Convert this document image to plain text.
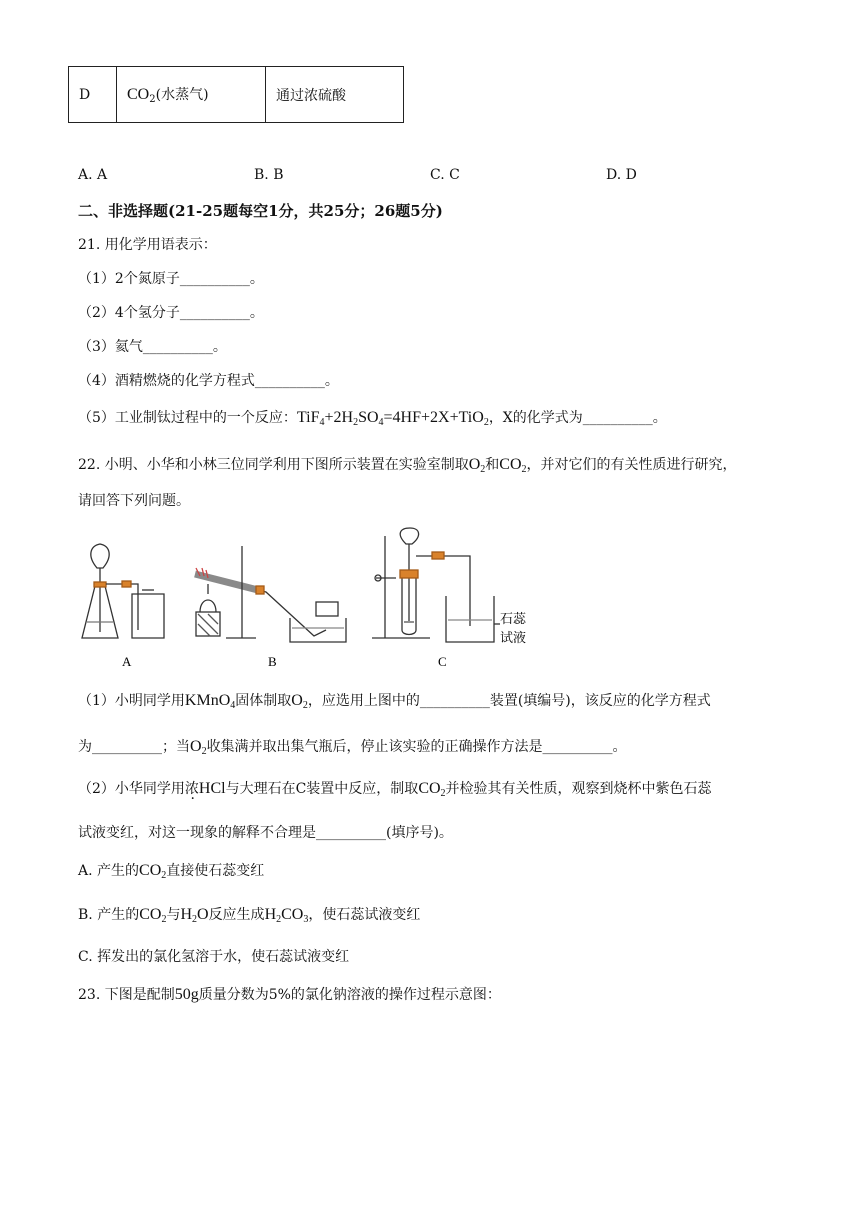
D	$CO_2$(水蒸气)	通过浓硫酸
A. A	B. B	C. C	D. D
二、非选择题(21-25题每空1分，共25分；26题5分)
21. 用化学用语表示：
（1）2个氮原子__________。
（2）4个氢分子__________。
（3）氦气__________。
（4）酒精燃烧的化学方程式__________。
（5）工业制钛过程中的一个反应：$TiF_4+2H_2SO_4=4HF+2X+TiO_2$，X的化学式为__________。
22. 小明、小华和小林三位同学利用下图所示装置在实验室制取$O_2$和$CO_2$，并对它们的有关性质进行研究，
请回答下列问题。
A	B	C
石蕊
试液
（1）小明同学用KMnO$_4$固体制取$O_2$，应选用上图中的__________装置(填编号)，该反应的化学方程式
为__________；当$O_2$收集满并取出集气瓶后，停止该实验的正确操作方法是__________。
（2）小华同学用浓HCl与大理石在C装置中反应，制取$CO_2$并检验其有关性质，观察到烧杯中紫色石蕊
试液变红，对这一现象的解释不合理是__________(填序号)。
A. 产生的$CO_2$直接使石蕊变红
B. 产生的$CO_2$与$H_2O$反应生成$H_2CO_3$，使石蕊试液变红
C. 挥发出的氯化氢溶于水，使石蕊试液变红
23. 下图是配制50g质量分数为5%的氯化钠溶液的操作过程示意图：
